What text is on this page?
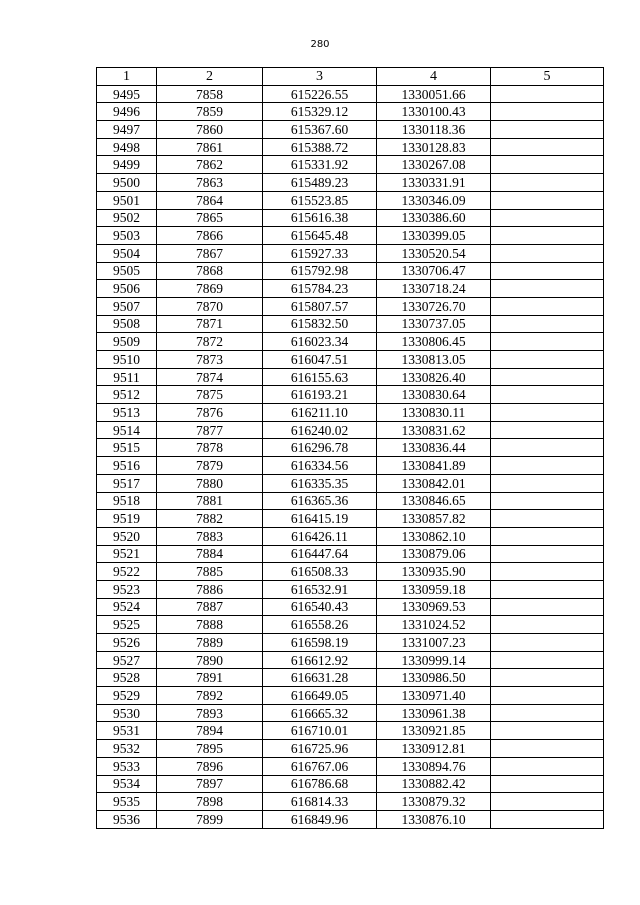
280
1	2	3	4	5
9495	7858	615226.55	1330051.66	
9496	7859	615329.12	1330100.43	
9497	7860	615367.60	1330118.36	
9498	7861	615388.72	1330128.83	
9499	7862	615331.92	1330267.08	
9500	7863	615489.23	1330331.91	
9501	7864	615523.85	1330346.09	
9502	7865	615616.38	1330386.60	
9503	7866	615645.48	1330399.05	
9504	7867	615927.33	1330520.54	
9505	7868	615792.98	1330706.47	
9506	7869	615784.23	1330718.24	
9507	7870	615807.57	1330726.70	
9508	7871	615832.50	1330737.05	
9509	7872	616023.34	1330806.45	
9510	7873	616047.51	1330813.05	
9511	7874	616155.63	1330826.40	
9512	7875	616193.21	1330830.64	
9513	7876	616211.10	1330830.11	
9514	7877	616240.02	1330831.62	
9515	7878	616296.78	1330836.44	
9516	7879	616334.56	1330841.89	
9517	7880	616335.35	1330842.01	
9518	7881	616365.36	1330846.65	
9519	7882	616415.19	1330857.82	
9520	7883	616426.11	1330862.10	
9521	7884	616447.64	1330879.06	
9522	7885	616508.33	1330935.90	
9523	7886	616532.91	1330959.18	
9524	7887	616540.43	1330969.53	
9525	7888	616558.26	1331024.52	
9526	7889	616598.19	1331007.23	
9527	7890	616612.92	1330999.14	
9528	7891	616631.28	1330986.50	
9529	7892	616649.05	1330971.40	
9530	7893	616665.32	1330961.38	
9531	7894	616710.01	1330921.85	
9532	7895	616725.96	1330912.81	
9533	7896	616767.06	1330894.76	
9534	7897	616786.68	1330882.42	
9535	7898	616814.33	1330879.32	
9536	7899	616849.96	1330876.10	
